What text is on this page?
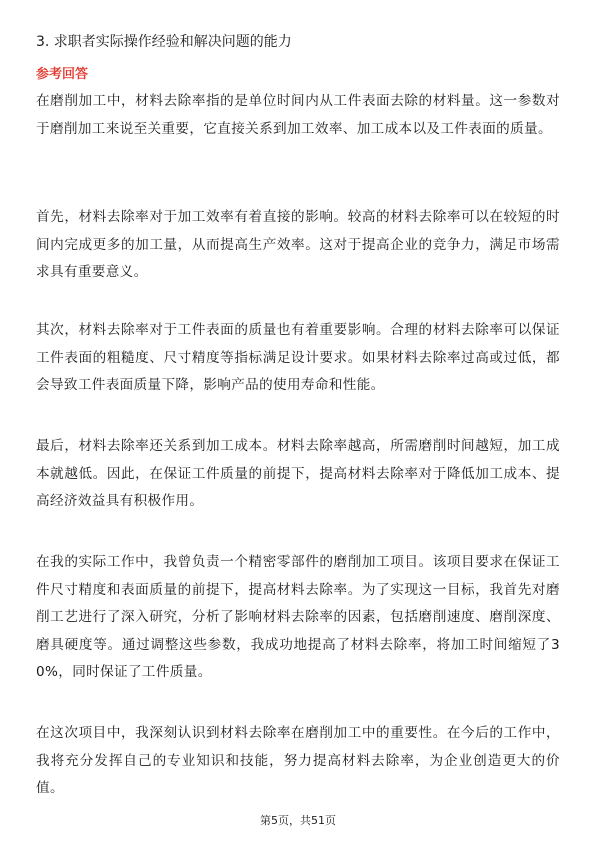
3. 求职者实际操作经验和解决问题的能力
参考回答

在磨削加工中，材料去除率指的是单位时间内从工件表面去除的材料量。这一参数对于磨削加工来说至关重要，它直接关系到加工效率、加工成本以及工件表面的质量。

首先，材料去除率对于加工效率有着直接的影响。较高的材料去除率可以在较短的时间内完成更多的加工量，从而提高生产效率。这对于提高企业的竞争力，满足市场需求具有重要意义。

其次，材料去除率对于工件表面的质量也有着重要影响。合理的材料去除率可以保证工件表面的粗糙度、尺寸精度等指标满足设计要求。如果材料去除率过高或过低，都会导致工件表面质量下降，影响产品的使用寿命和性能。

最后，材料去除率还关系到加工成本。材料去除率越高，所需磨削时间越短，加工成本就越低。因此，在保证工件质量的前提下，提高材料去除率对于降低加工成本、提高经济效益具有积极作用。

在我的实际工作中，我曾负责一个精密零部件的磨削加工项目。该项目要求在保证工件尺寸精度和表面质量的前提下，提高材料去除率。为了实现这一目标，我首先对磨削工艺进行了深入研究，分析了影响材料去除率的因素，包括磨削速度、磨削深度、磨具硬度等。通过调整这些参数，我成功地提高了材料去除率，将加工时间缩短了30%，同时保证了工件质量。

在这次项目中，我深刻认识到材料去除率在磨削加工中的重要性。在今后的工作中，我将充分发挥自己的专业知识和技能，努力提高材料去除率，为企业创造更大的价值。

第5页，共51页
